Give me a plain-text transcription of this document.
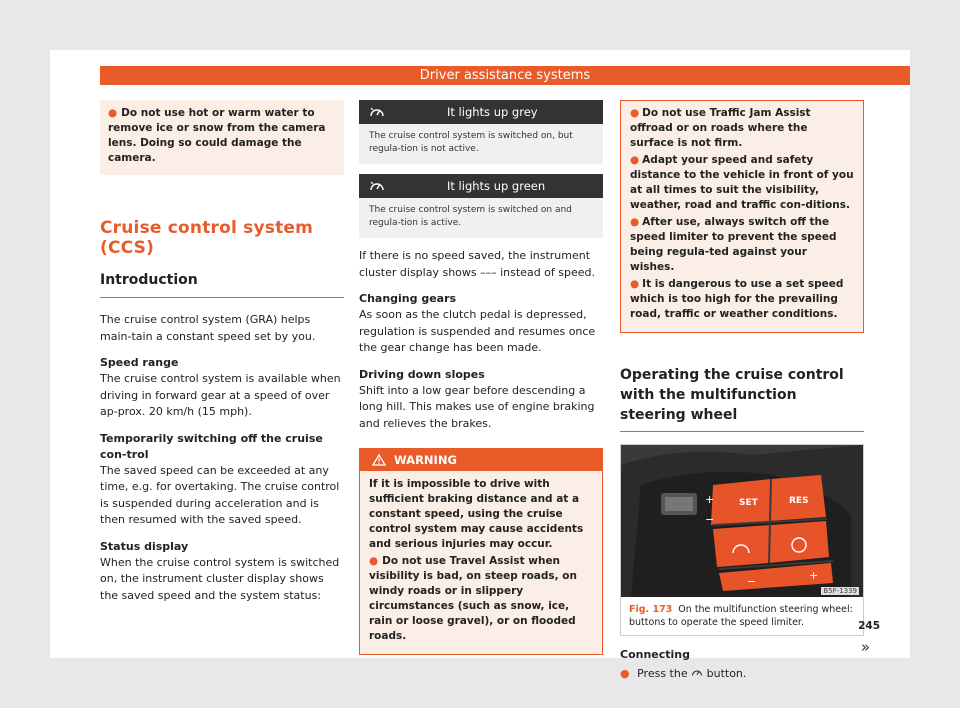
Driver assistance systems

● Do not use hot or warm water to remove ice or snow from the camera lens. Doing so could damage the camera.

Cruise control system (CCS)
Introduction

The cruise control system (GRA) helps main-tain a constant speed set by you.

Speed range

The cruise control system is available when driving in forward gear at a speed of over ap-prox. 20 km/h (15 mph).

Temporarily switching off the cruise con-trol

The saved speed can be exceeded at any time, e.g. for overtaking. The cruise control is suspended during acceleration and is then resumed with the saved speed.

Status display

When the cruise control system is switched on, the instrument cluster display shows the saved speed and the system status:

It lights up grey
The cruise control system is switched on, but regula-tion is not active.
It lights up green
The cruise control system is switched on and regula-tion is active.

If there is no speed saved, the instrument cluster display shows ––– instead of speed.

Changing gears

As soon as the clutch pedal is depressed, regulation is suspended and resumes once the gear change has been made.

Driving down slopes

Shift into a low gear before descending a long hill. This makes use of engine braking and relieves the brakes.

WARNING

If it is impossible to drive with sufficient braking distance and at a constant speed, using the cruise control system may cause accidents and serious injuries may occur.

● Do not use Travel Assist when visibility is bad, on steep roads, on windy roads or in slippery circumstances (such as snow, ice, rain or loose gravel), or on flooded roads.

● Do not use Traffic Jam Assist offroad or on roads where the surface is not firm.

● Adapt your speed and safety distance to the vehicle in front of you at all times to suit the visibility, weather, road and traffic con-ditions.

● After use, always switch off the speed limiter to prevent the speed being regula-ted against your wishes.

● It is dangerous to use a set speed which is too high for the prevailing road, traffic or weather conditions.

Operating the cruise control with the multifunction steering wheel
SET	RES
+
−
−	+
B5F-1339
Fig. 173 On the multifunction steering wheel: buttons to operate the speed limiter.

Connecting

● Press the button.

»
245
